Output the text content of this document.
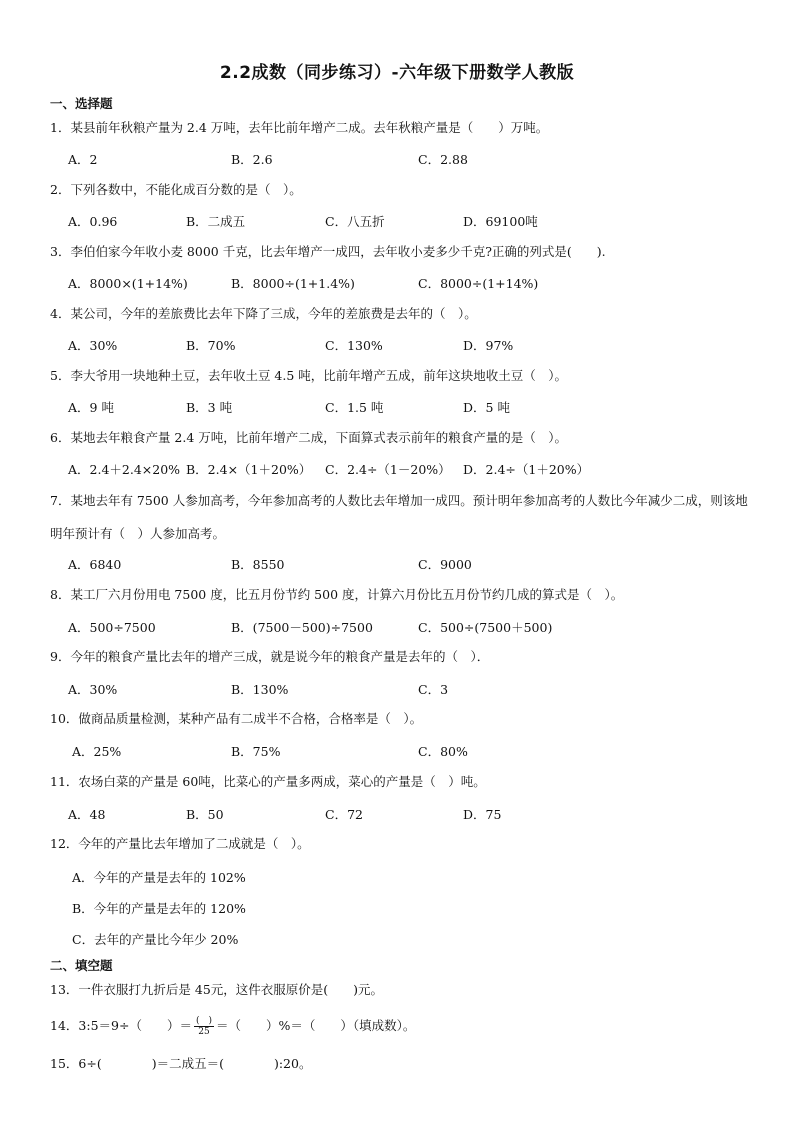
2.2成数（同步练习）-六年级下册数学人教版
一、选择题
1．某县前年秋粮产量为 2.4 万吨，去年比前年增产二成。去年秋粮产量是（　　）万吨。
A．2	B．2.6	C．2.88
2．下列各数中，不能化成百分数的是（　）。
A．0.96	B．二成五	C．八五折	D．69100吨
3．李伯伯家今年收小麦 8000 千克，比去年增产一成四，去年收小麦多少千克?正确的列式是(　　).
A．8000×(1+14%)	B．8000÷(1+1.4%)	C．8000÷(1+14%)
4．某公司，今年的差旅费比去年下降了三成，今年的差旅费是去年的（　）。
A．30%	B．70%	C．130%	D．97%
5．李大爷用一块地种土豆，去年收土豆 4.5 吨，比前年增产五成，前年这块地收土豆（　）。
A．9 吨	B．3 吨	C．1.5 吨	D．5 吨
6．某地去年粮食产量 2.4 万吨，比前年增产二成，下面算式表示前年的粮食产量的是（　）。
A．2.4＋2.4×20% B．2.4×（1＋20%） C．2.4÷（1－20%） D．2.4÷（1＋20%）
7．某地去年有 7500 人参加高考，今年参加高考的人数比去年增加一成四。预计明年参加高考的人数比今年减少二成，则该地明年预计有（　）人参加高考。
A．6840	B．8550	C．9000
8．某工厂六月份用电 7500 度，比五月份节约 500 度，计算六月份比五月份节约几成的算式是（　）。
A．500÷7500	B．(7500－500)÷7500	C．500÷(7500＋500)
9．今年的粮食产量比去年的增产三成，就是说今年的粮食产量是去年的（　）．
A．30%	B．130%	C．3
10．做商品质量检测，某种产品有二成半不合格，合格率是（　）。
A．25%	B．75%	C．80%
11．农场白菜的产量是 60吨，比菜心的产量多两成，菜心的产量是（　）吨。
A．48	B．50	C．72	D．75
12．今年的产量比去年增加了二成就是（　）。
A．今年的产量是去年的 102%
B．今年的产量是去年的 120%
C．去年的产量比今年少 20%
二、填空题
13．一件衣服打九折后是 45元，这件衣服原价是(　　)元。
14．3:5＝9÷（　　）＝ $\frac{( )}{25}$ ＝（　　）%＝（　　）（填成数）。
15．6÷(　　　　)＝二成五＝(　　　　):20。
